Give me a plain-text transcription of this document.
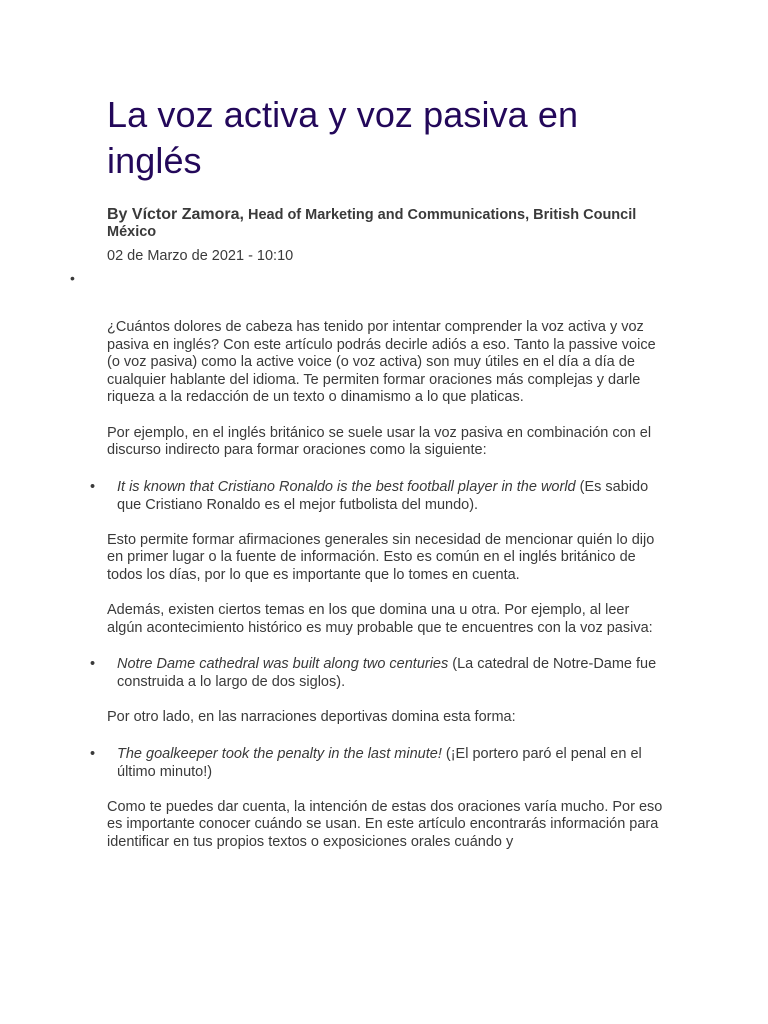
La voz activa y voz pasiva en inglés
By Víctor Zamora, Head of Marketing and Communications, British Council México
02 de Marzo de 2021 - 10:10
•

¿Cuántos dolores de cabeza has tenido por intentar comprender la voz activa y voz pasiva en inglés? Con este artículo podrás decirle adiós a eso. Tanto la passive voice (o voz pasiva) como la active voice (o voz activa) son muy útiles en el día a día de cualquier hablante del idioma. Te permiten formar oraciones más complejas y darle riqueza a la redacción de un texto o dinamismo a lo que platicas.

Por ejemplo, en el inglés británico se suele usar la voz pasiva en combinación con el discurso indirecto para formar oraciones como la siguiente:

• It is known that Cristiano Ronaldo is the best football player in the world (Es sabido que Cristiano Ronaldo es el mejor futbolista del mundo).

Esto permite formar afirmaciones generales sin necesidad de mencionar quién lo dijo en primer lugar o la fuente de información. Esto es común en el inglés británico de todos los días, por lo que es importante que lo tomes en cuenta.

Además, existen ciertos temas en los que domina una u otra. Por ejemplo, al leer algún acontecimiento histórico es muy probable que te encuentres con la voz pasiva:

• Notre Dame cathedral was built along two centuries (La catedral de Notre-Dame fue construida a lo largo de dos siglos).

Por otro lado, en las narraciones deportivas domina esta forma:

• The goalkeeper took the penalty in the last minute! (¡El portero paró el penal en el último minuto!)

Como te puedes dar cuenta, la intención de estas dos oraciones varía mucho. Por eso es importante conocer cuándo se usan. En este artículo encontrarás información para identificar en tus propios textos o exposiciones orales cuándo y
